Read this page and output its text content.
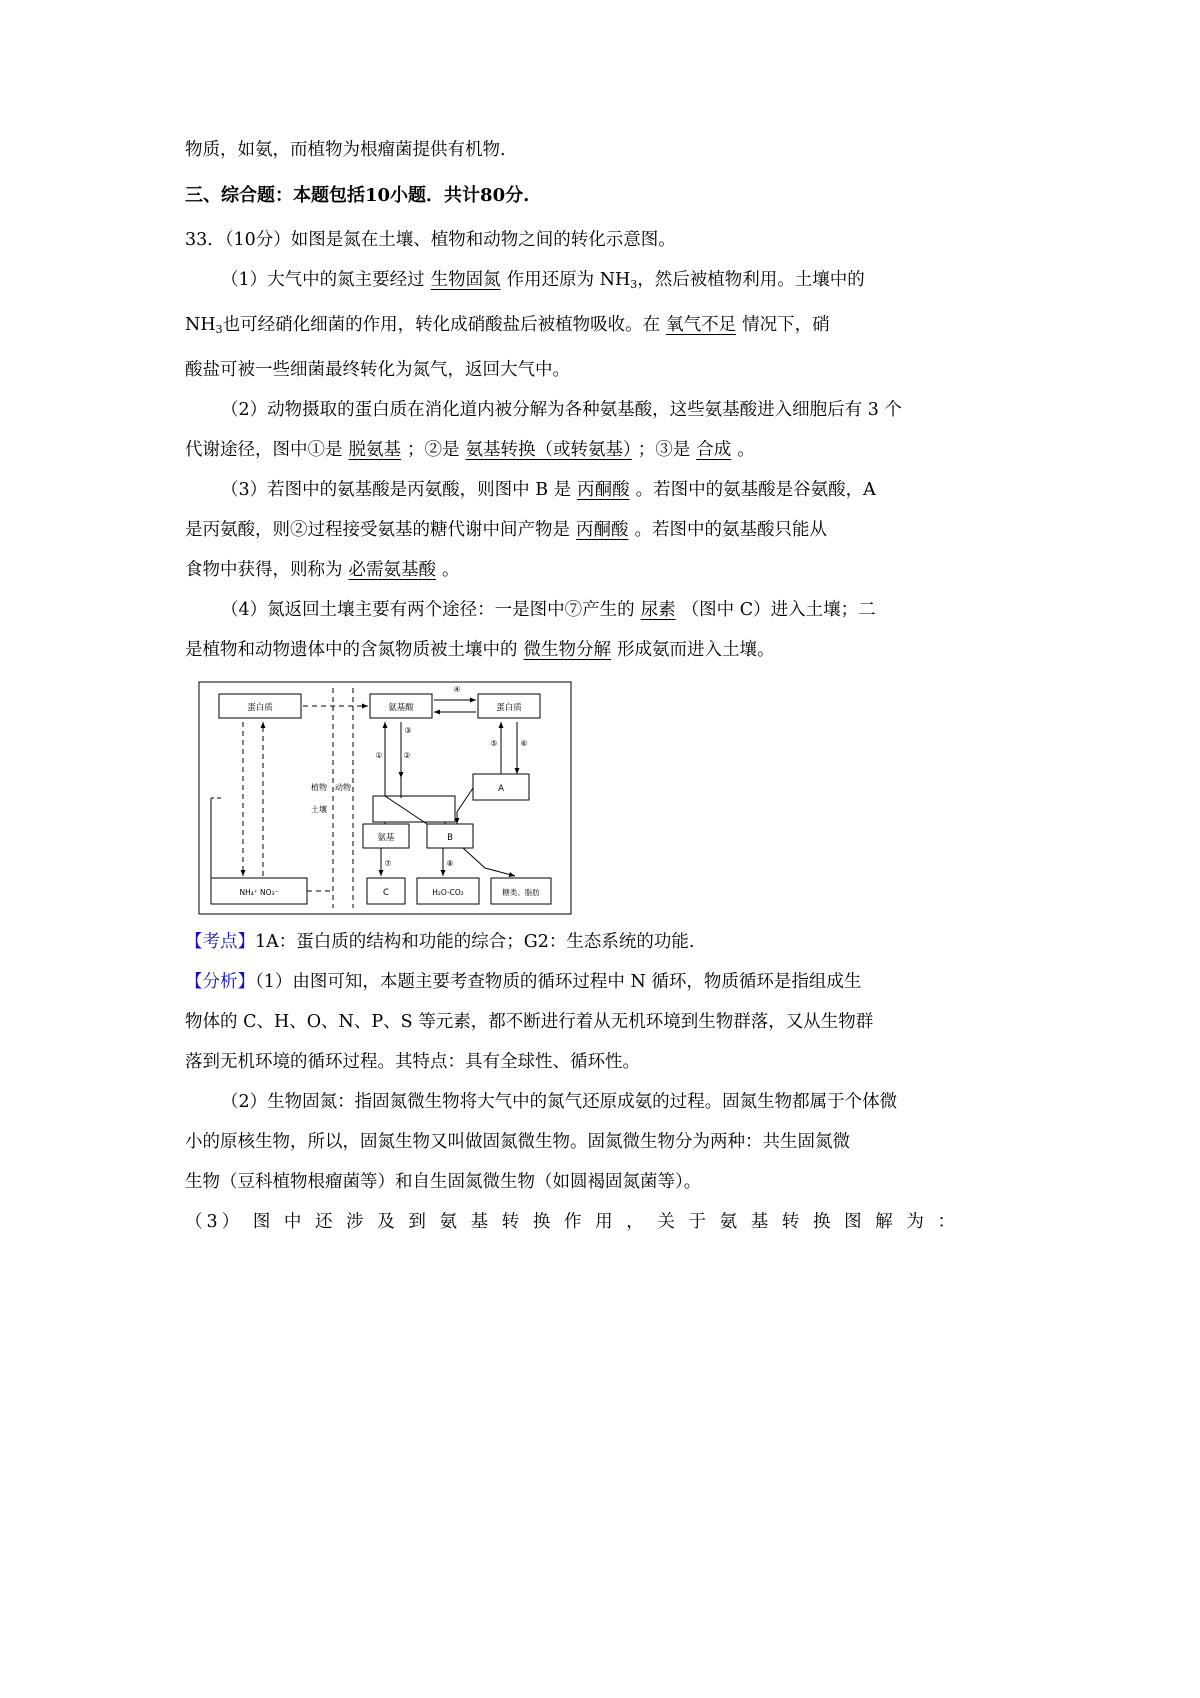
物质，如氨，而植物为根瘤菌提供有机物.
三、综合题：本题包括10小题．共计80分.
33．（10分）如图是氮在土壤、植物和动物之间的转化示意图。
（1）大气中的氮主要经过 生物固氮 作用还原为 $NH_3$，然后被植物利用。土壤中的
$NH_3$也可经硝化细菌的作用，转化成硝酸盐后被植物吸收。在 氧气不足 情况下，硝
酸盐可被一些细菌最终转化为氮气，返回大气中。
（2）动物摄取的蛋白质在消化道内被分解为各种氨基酸，这些氨基酸进入细胞后有 3 个
代谢途径，图中①是 脱氨基 ；②是 氨基转换（或转氨基） ；③是 合成 。
（3）若图中的氨基酸是丙氨酸，则图中 B 是 丙酮酸 。若图中的氨基酸是谷氨酸，A
是丙氨酸，则②过程接受氨基的糖代谢中间产物是 丙酮酸 。若图中的氨基酸只能从
食物中获得，则称为 必需氨基酸 。
（4）氮返回土壤主要有两个途径：一是图中⑦产生的 尿素 （图中 C）进入土壤；二
是植物和动物遗体中的含氮物质被土壤中的 微生物分解 形成氨而进入土壤。
蛋白质	氨基酸	蛋白质
A
氨基	B
C	H₂O-CO₂	糖类、脂肪
NH₄⁺ NO₃⁻
植物 动物
土壤
①	②
③
④
⑤	⑥
⑦	⑧
【考点】1A：蛋白质的结构和功能的综合；G2：生态系统的功能.
【分析】（1）由图可知，本题主要考查物质的循环过程中 N 循环，物质循环是指组成生
物体的 C、H、O、N、P、S 等元素，都不断进行着从无机环境到生物群落，又从生物群
落到无机环境的循环过程。其特点：具有全球性、循环性。
（2）生物固氮：指固氮微生物将大气中的氮气还原成氨的过程。固氮生物都属于个体微
小的原核生物，所以，固氮生物又叫做固氮微生物。固氮微生物分为两种：共生固氮微
生物（豆科植物根瘤菌等）和自生固氮微生物（如圆褐固氮菌等）。
（3） 图 中 还 涉 及 到 氨 基 转 换 作 用 ， 关 于 氨 基 转 换 图 解 为 ：
